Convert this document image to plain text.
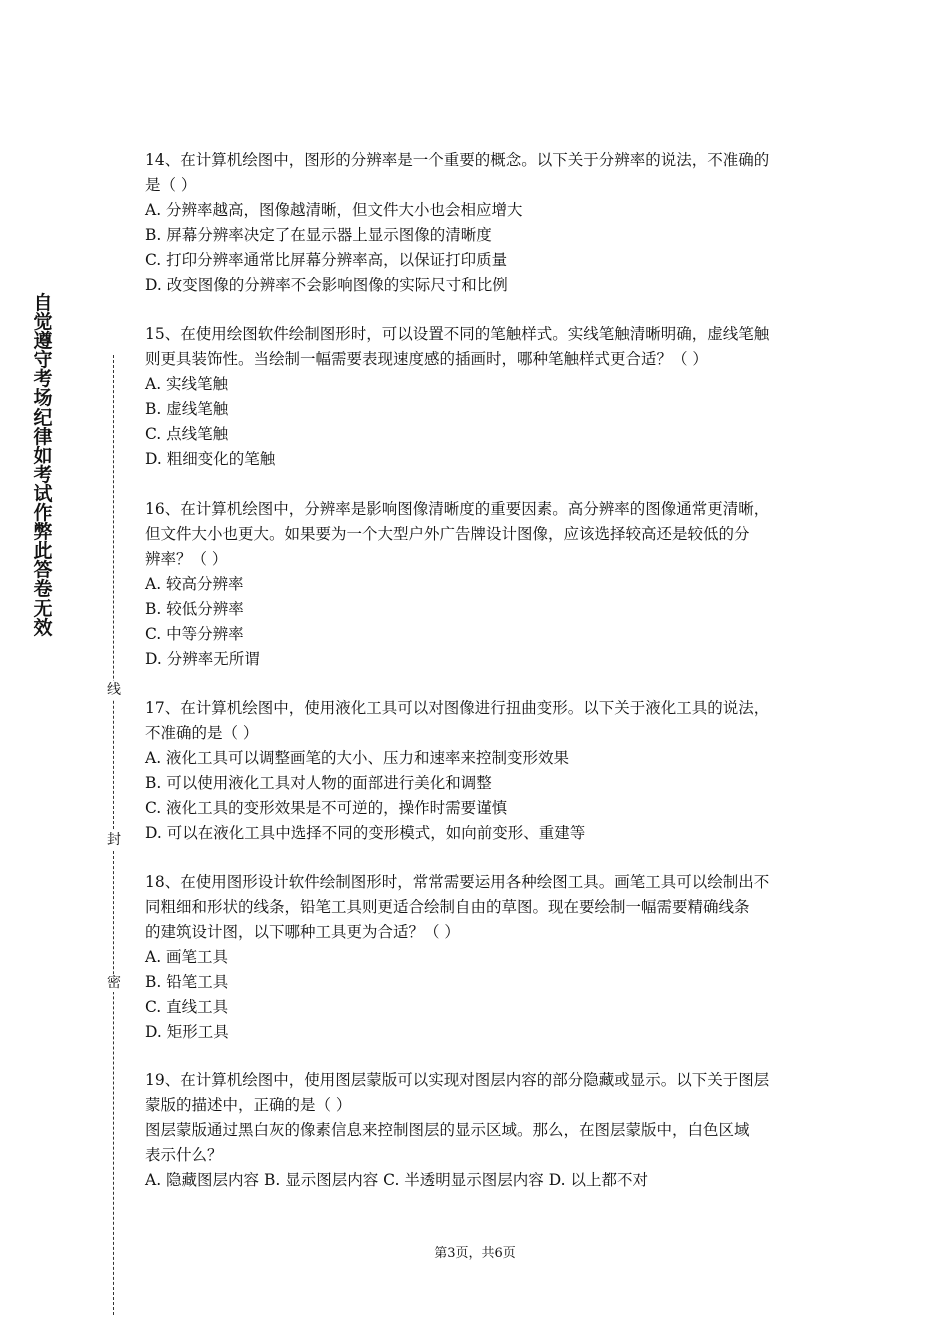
自觉遵守考场纪律如考试作弊此答卷无效
线
封
密

14、在计算机绘图中，图形的分辨率是一个重要的概念。以下关于分辨率的说法，不准确的

是（ ）

A. 分辨率越高，图像越清晰，但文件大小也会相应增大

B. 屏幕分辨率决定了在显示器上显示图像的清晰度

C. 打印分辨率通常比屏幕分辨率高，以保证打印质量

D. 改变图像的分辨率不会影响图像的实际尺寸和比例

15、在使用绘图软件绘制图形时，可以设置不同的笔触样式。实线笔触清晰明确，虚线笔触

则更具装饰性。当绘制一幅需要表现速度感的插画时，哪种笔触样式更合适？（ ）

A. 实线笔触

B. 虚线笔触

C. 点线笔触

D. 粗细变化的笔触

16、在计算机绘图中，分辨率是影响图像清晰度的重要因素。高分辨率的图像通常更清晰，

但文件大小也更大。如果要为一个大型户外广告牌设计图像，应该选择较高还是较低的分

辨率？（ ）

A. 较高分辨率

B. 较低分辨率

C. 中等分辨率

D. 分辨率无所谓

17、在计算机绘图中，使用液化工具可以对图像进行扭曲变形。以下关于液化工具的说法，

不准确的是（ ）

A. 液化工具可以调整画笔的大小、压力和速率来控制变形效果

B. 可以使用液化工具对人物的面部进行美化和调整

C. 液化工具的变形效果是不可逆的，操作时需要谨慎

D. 可以在液化工具中选择不同的变形模式，如向前变形、重建等

18、在使用图形设计软件绘制图形时，常常需要运用各种绘图工具。画笔工具可以绘制出不

同粗细和形状的线条，铅笔工具则更适合绘制自由的草图。现在要绘制一幅需要精确线条

的建筑设计图，以下哪种工具更为合适？（ ）

A. 画笔工具

B. 铅笔工具

C. 直线工具

D. 矩形工具

19、在计算机绘图中，使用图层蒙版可以实现对图层内容的部分隐藏或显示。以下关于图层

蒙版的描述中，正确的是（ ）

图层蒙版通过黑白灰的像素信息来控制图层的显示区域。那么，在图层蒙版中，白色区域

表示什么？

A. 隐藏图层内容 B. 显示图层内容 C. 半透明显示图层内容 D. 以上都不对

第3页，共6页
